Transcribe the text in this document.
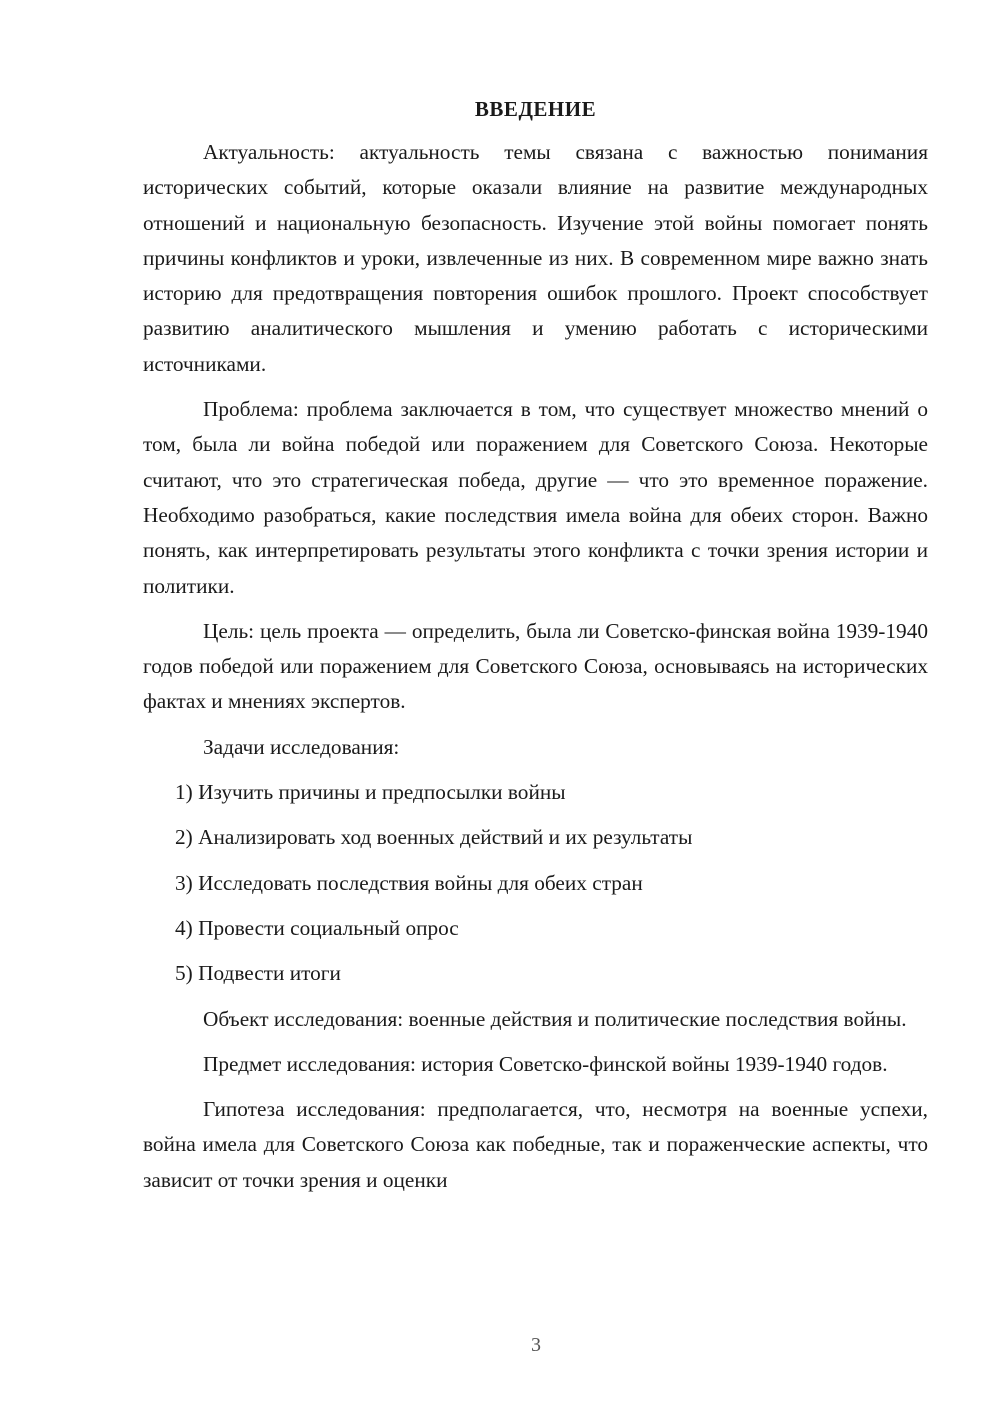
ВВЕДЕНИЕ

Актуальность: актуальность темы связана с важностью понимания исторических событий, которые оказали влияние на развитие международных отношений и национальную безопасность. Изучение этой войны помогает понять причины конфликтов и уроки, извлеченные из них. В современном мире важно знать историю для предотвращения повторения ошибок прошлого. Проект способствует развитию аналитического мышления и умению работать с историческими источниками.

Проблема: проблема заключается в том, что существует множество мнений о том, была ли война победой или поражением для Советского Союза. Некоторые считают, что это стратегическая победа, другие — что это временное поражение. Необходимо разобраться, какие последствия имела война для обеих сторон. Важно понять, как интерпретировать результаты этого конфликта с точки зрения истории и политики.

Цель: цель проекта — определить, была ли Советско-финская война 1939-1940 годов победой или поражением для Советского Союза, основываясь на исторических фактах и мнениях экспертов.

Задачи исследования:

1) Изучить причины и предпосылки войны
2) Анализировать ход военных действий и их результаты
3) Исследовать последствия войны для обеих стран
4) Провести социальный опрос
5) Подвести итоги

Объект исследования: военные действия и политические последствия войны.

Предмет исследования: история Советско-финской войны 1939-1940 годов.

Гипотеза исследования: предполагается, что, несмотря на военные успехи, война имела для Советского Союза как победные, так и пораженческие аспекты, что зависит от точки зрения и оценки

3
